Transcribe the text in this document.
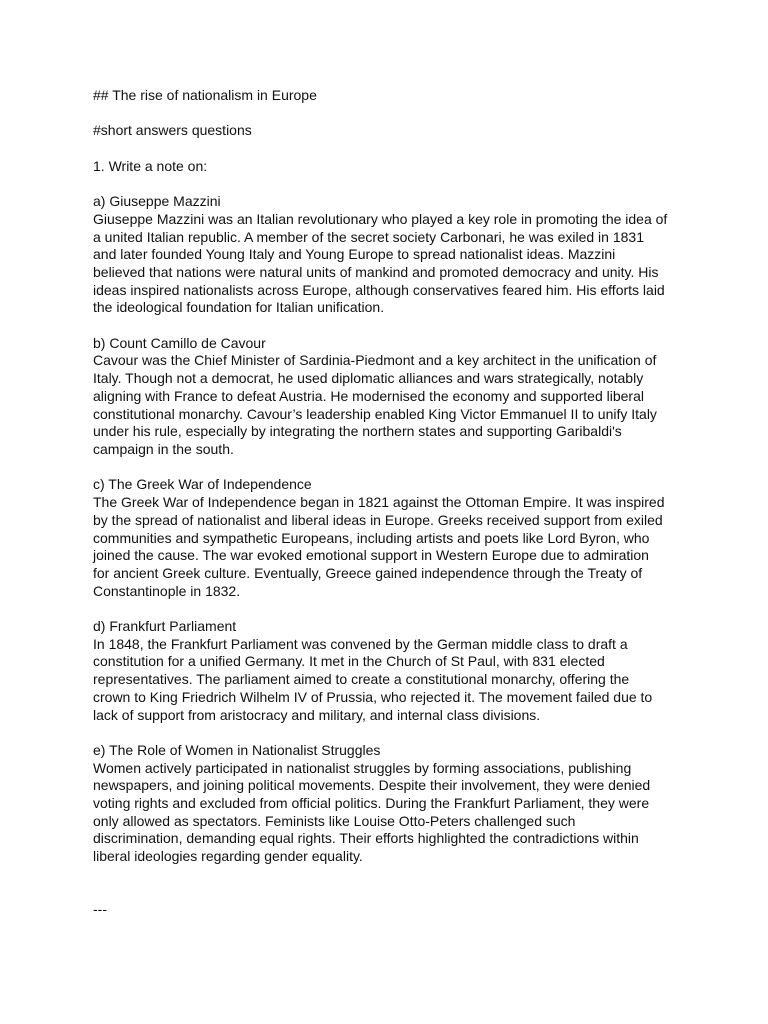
## The rise of nationalism in Europe

#short answers questions

1. Write a note on:

a) Giuseppe Mazzini

Giuseppe Mazzini was an Italian revolutionary who played a key role in promoting the idea of

a united Italian republic. A member of the secret society Carbonari, he was exiled in 1831

and later founded Young Italy and Young Europe to spread nationalist ideas. Mazzini

believed that nations were natural units of mankind and promoted democracy and unity. His

ideas inspired nationalists across Europe, although conservatives feared him. His efforts laid

the ideological foundation for Italian unification.

b) Count Camillo de Cavour

Cavour was the Chief Minister of Sardinia-Piedmont and a key architect in the unification of

Italy. Though not a democrat, he used diplomatic alliances and wars strategically, notably

aligning with France to defeat Austria. He modernised the economy and supported liberal

constitutional monarchy. Cavour’s leadership enabled King Victor Emmanuel II to unify Italy

under his rule, especially by integrating the northern states and supporting Garibaldi's

campaign in the south.

c) The Greek War of Independence

The Greek War of Independence began in 1821 against the Ottoman Empire. It was inspired

by the spread of nationalist and liberal ideas in Europe. Greeks received support from exiled

communities and sympathetic Europeans, including artists and poets like Lord Byron, who

joined the cause. The war evoked emotional support in Western Europe due to admiration

for ancient Greek culture. Eventually, Greece gained independence through the Treaty of

Constantinople in 1832.

d) Frankfurt Parliament

In 1848, the Frankfurt Parliament was convened by the German middle class to draft a

constitution for a unified Germany. It met in the Church of St Paul, with 831 elected

representatives. The parliament aimed to create a constitutional monarchy, offering the

crown to King Friedrich Wilhelm IV of Prussia, who rejected it. The movement failed due to

lack of support from aristocracy and military, and internal class divisions.

e) The Role of Women in Nationalist Struggles

Women actively participated in nationalist struggles by forming associations, publishing

newspapers, and joining political movements. Despite their involvement, they were denied

voting rights and excluded from official politics. During the Frankfurt Parliament, they were

only allowed as spectators. Feminists like Louise Otto-Peters challenged such

discrimination, demanding equal rights. Their efforts highlighted the contradictions within

liberal ideologies regarding gender equality.

---
